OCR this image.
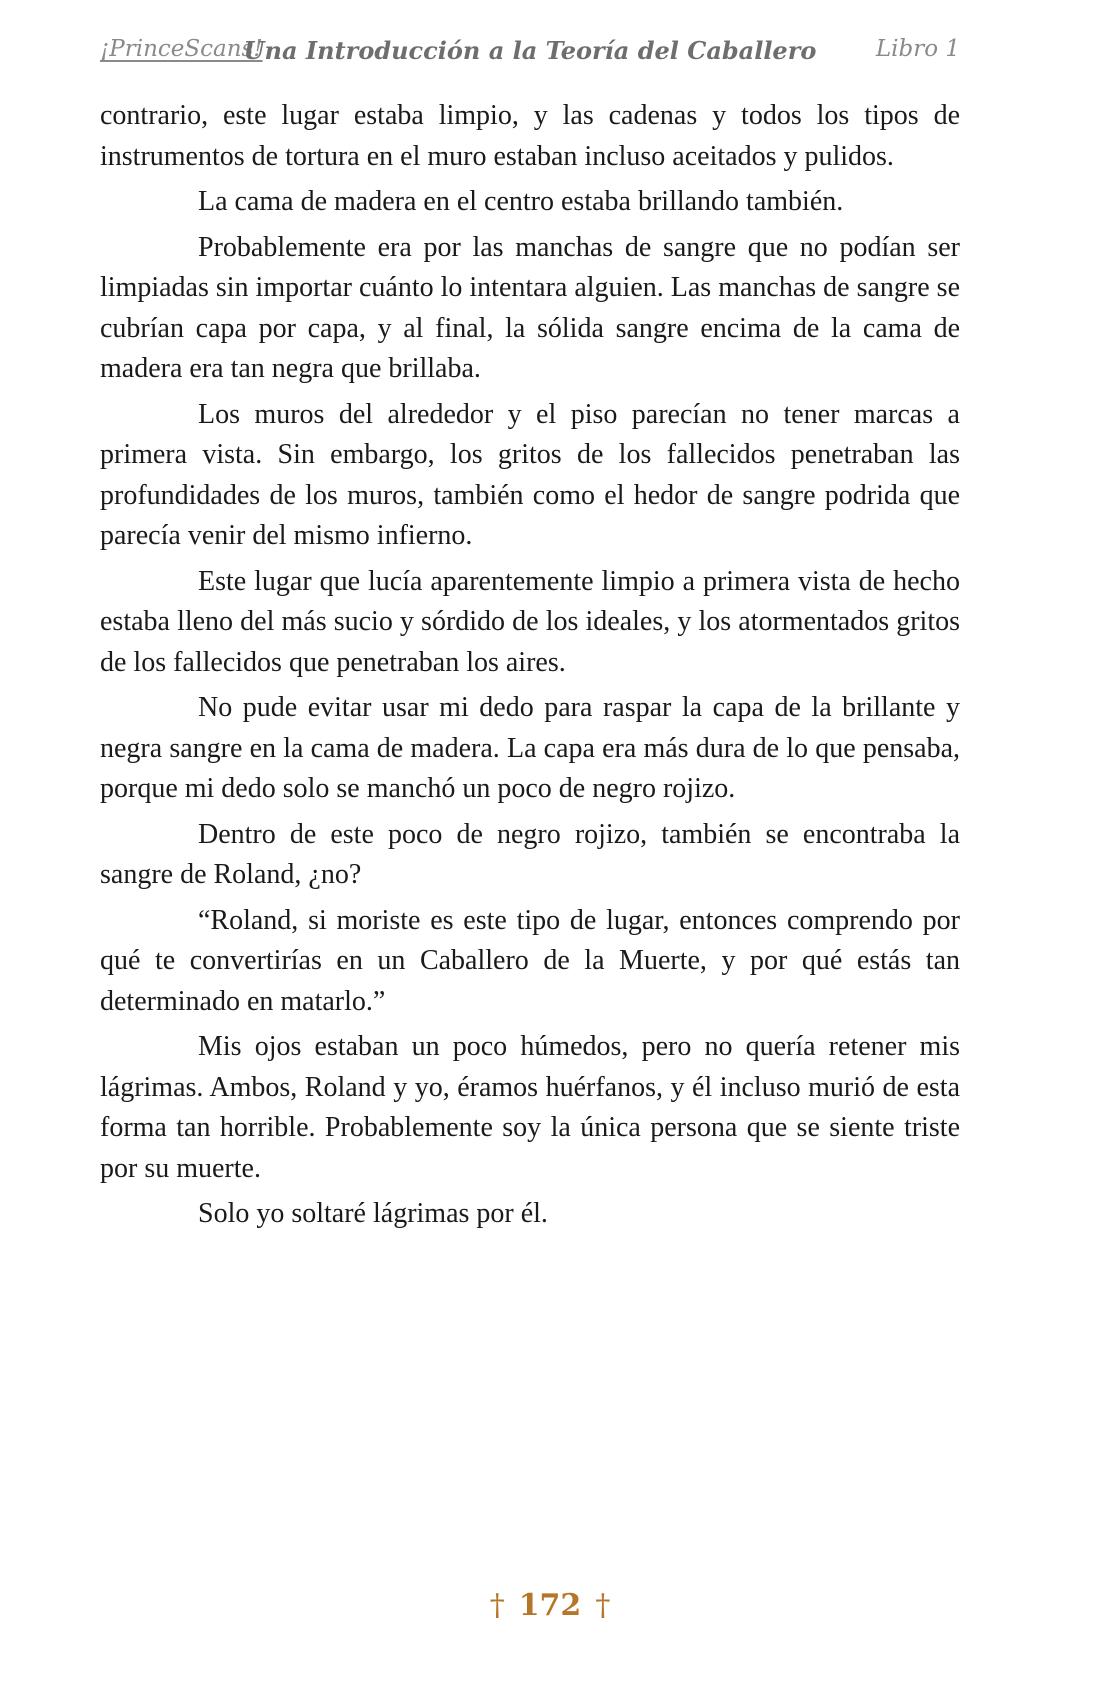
¡PrinceScans!
Una Introducción a la Teoría del Caballero	Libro 1

contrario, este lugar estaba limpio, y las cadenas y todos los tipos de instrumentos de tortura en el muro estaban incluso aceitados y pulidos.

La cama de madera en el centro estaba brillando también.

Probablemente era por las manchas de sangre que no podían ser limpiadas sin importar cuánto lo intentara alguien. Las manchas de sangre se cubrían capa por capa, y al final, la sólida sangre encima de la cama de madera era tan negra que brillaba.

Los muros del alrededor y el piso parecían no tener marcas a primera vista. Sin embargo, los gritos de los fallecidos penetraban las profundidades de los muros, también como el hedor de sangre podrida que parecía venir del mismo infierno.

Este lugar que lucía aparentemente limpio a primera vista de hecho estaba lleno del más sucio y sórdido de los ideales, y los atormentados gritos de los fallecidos que penetraban los aires.

No pude evitar usar mi dedo para raspar la capa de la brillante y negra sangre en la cama de madera. La capa era más dura de lo que pensaba, porque mi dedo solo se manchó un poco de negro rojizo.

Dentro de este poco de negro rojizo, también se encontraba la sangre de Roland, ¿no?

“Roland, si moriste es este tipo de lugar, entonces comprendo por qué te convertirías en un Caballero de la Muerte, y por qué estás tan determinado en matarlo.”

Mis ojos estaban un poco húmedos, pero no quería retener mis lágrimas. Ambos, Roland y yo, éramos huérfanos, y él incluso murió de esta forma tan horrible. Probablemente soy la única persona que se siente triste por su muerte.

Solo yo soltaré lágrimas por él.

† 172 †
